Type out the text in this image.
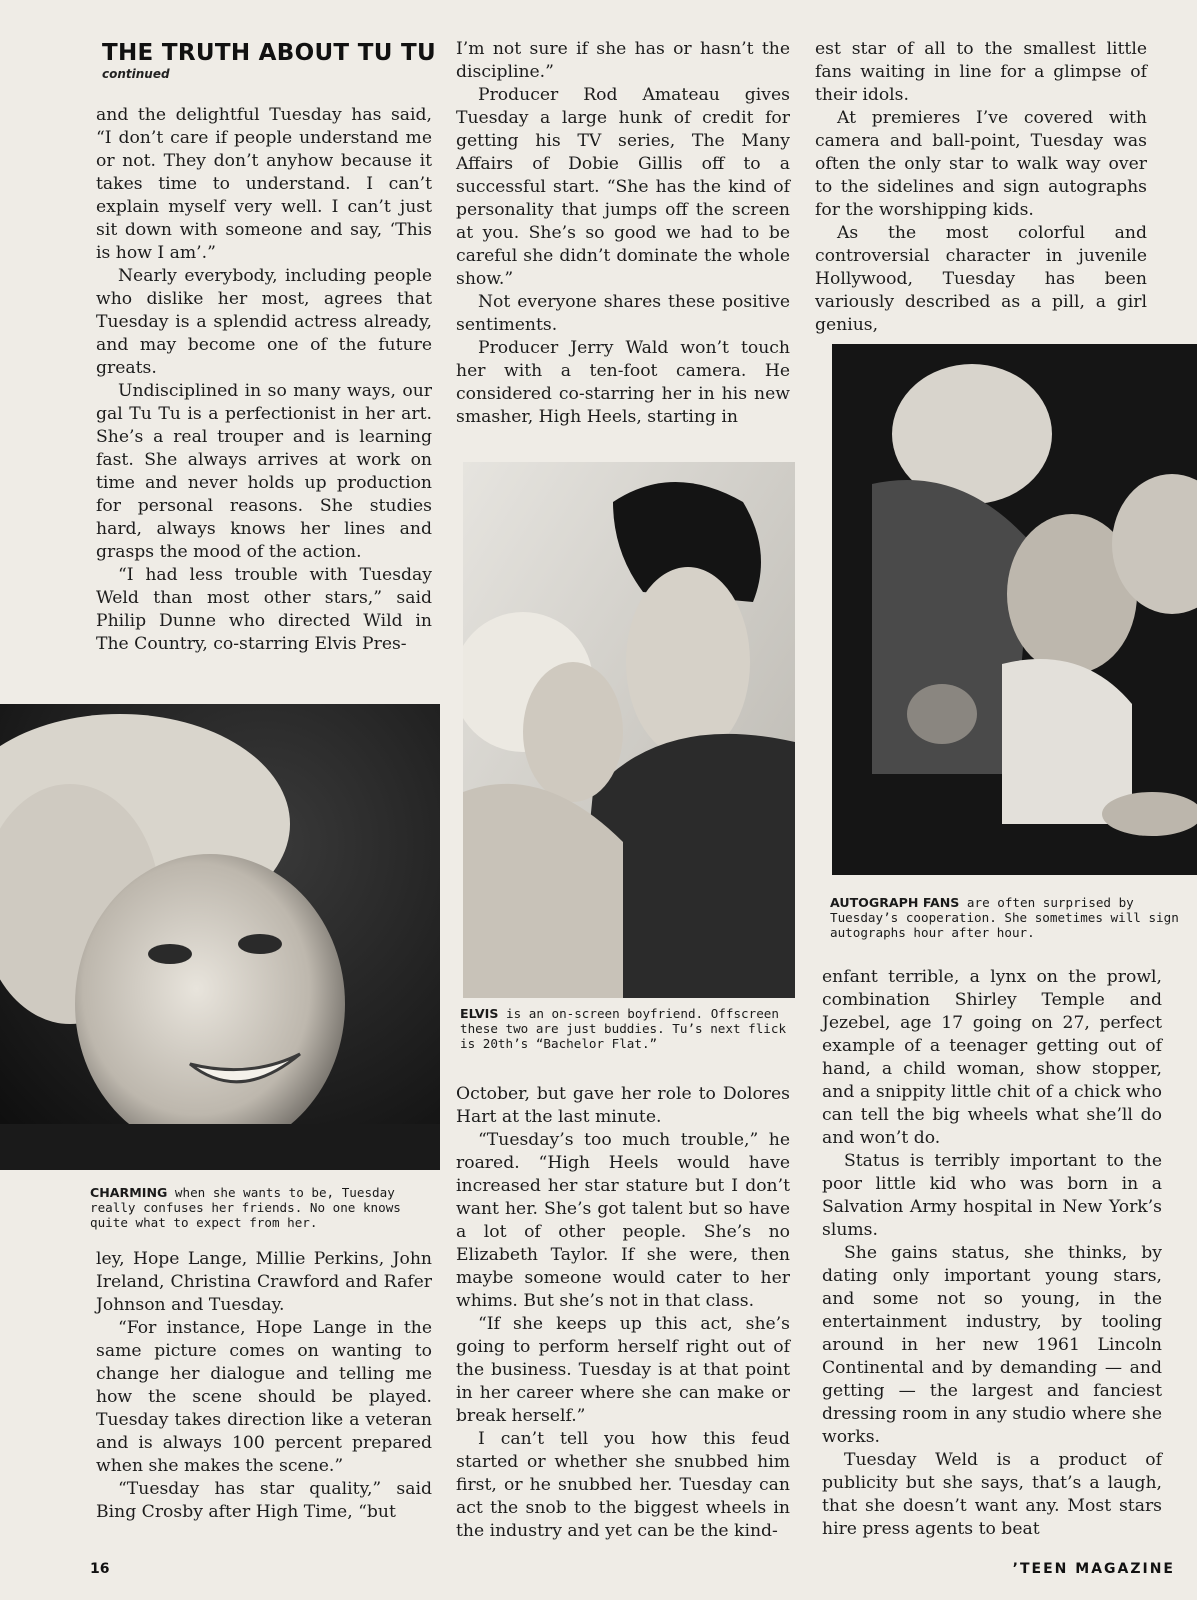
THE TRUTH ABOUT TU TU
continued

and the delightful Tuesday has said, “I don’t care if people understand me or not. They don’t anyhow because it takes time to understand. I can’t explain myself very well. I can’t just sit down with someone and say, ‘This is how I am’.”

Nearly everybody, including people who dislike her most, agrees that Tuesday is a splendid actress already, and may become one of the future greats.

Undisciplined in so many ways, our gal Tu Tu is a perfectionist in her art. She’s a real trouper and is learning fast. She always arrives at work on time and never holds up production for personal reasons. She studies hard, always knows her lines and grasps the mood of the action.

“I had less trouble with Tuesday Weld than most other stars,” said Philip Dunne who directed Wild in The Country, co-starring Elvis Pres-

I’m not sure if she has or hasn’t the discipline.”

Producer Rod Amateau gives Tuesday a large hunk of credit for getting his TV series, The Many Affairs of Dobie Gillis off to a successful start. “She has the kind of personality that jumps off the screen at you. She’s so good we had to be careful she didn’t dominate the whole show.”

Not everyone shares these positive sentiments.

Producer Jerry Wald won’t touch her with a ten-foot camera. He considered co-starring her in his new smasher, High Heels, starting in

est star of all to the smallest little fans waiting in line for a glimpse of their idols.

At premieres I’ve covered with camera and ball-point, Tuesday was often the only star to walk way over to the sidelines and sign autographs for the worshipping kids.

As the most colorful and controversial character in juvenile Hollywood, Tuesday has been variously described as a pill, a girl genius,

CHARMING when she wants to be, Tuesday really confuses her friends. No one knows quite what to expect from her.

ley, Hope Lange, Millie Perkins, John Ireland, Christina Crawford and Rafer Johnson and Tuesday.

“For instance, Hope Lange in the same picture comes on wanting to change her dialogue and telling me how the scene should be played. Tuesday takes direction like a veteran and is always 100 percent prepared when she makes the scene.”

“Tuesday has star quality,” said Bing Crosby after High Time, “but

ELVIS is an on-screen boyfriend. Offscreen these two are just buddies. Tu’s next flick is 20th’s “Bachelor Flat.”

October, but gave her role to Dolores Hart at the last minute.

“Tuesday’s too much trouble,” he roared. “High Heels would have increased her star stature but I don’t want her. She’s got talent but so have a lot of other people. She’s no Elizabeth Taylor. If she were, then maybe someone would cater to her whims. But she’s not in that class.

“If she keeps up this act, she’s going to perform herself right out of the business. Tuesday is at that point in her career where she can make or break herself.”

I can’t tell you how this feud started or whether she snubbed him first, or he snubbed her. Tuesday can act the snob to the biggest wheels in the industry and yet can be the kind-

AUTOGRAPH FANS are often surprised by Tuesday’s cooperation. She sometimes will sign autographs hour after hour.

enfant terrible, a lynx on the prowl, combination Shirley Temple and Jezebel, age 17 going on 27, perfect example of a teenager getting out of hand, a child woman, show stopper, and a snippity little chit of a chick who can tell the big wheels what she’ll do and won’t do.

Status is terribly important to the poor little kid who was born in a Salvation Army hospital in New York’s slums.

She gains status, she thinks, by dating only important young stars, and some not so young, in the entertainment industry, by tooling around in her new 1961 Lincoln Continental and by demanding — and getting — the largest and fanciest dressing room in any studio where she works.

Tuesday Weld is a product of publicity but she says, that’s a laugh, that she doesn’t want any. Most stars hire press agents to beat

16	’TEEN MAGAZINE
